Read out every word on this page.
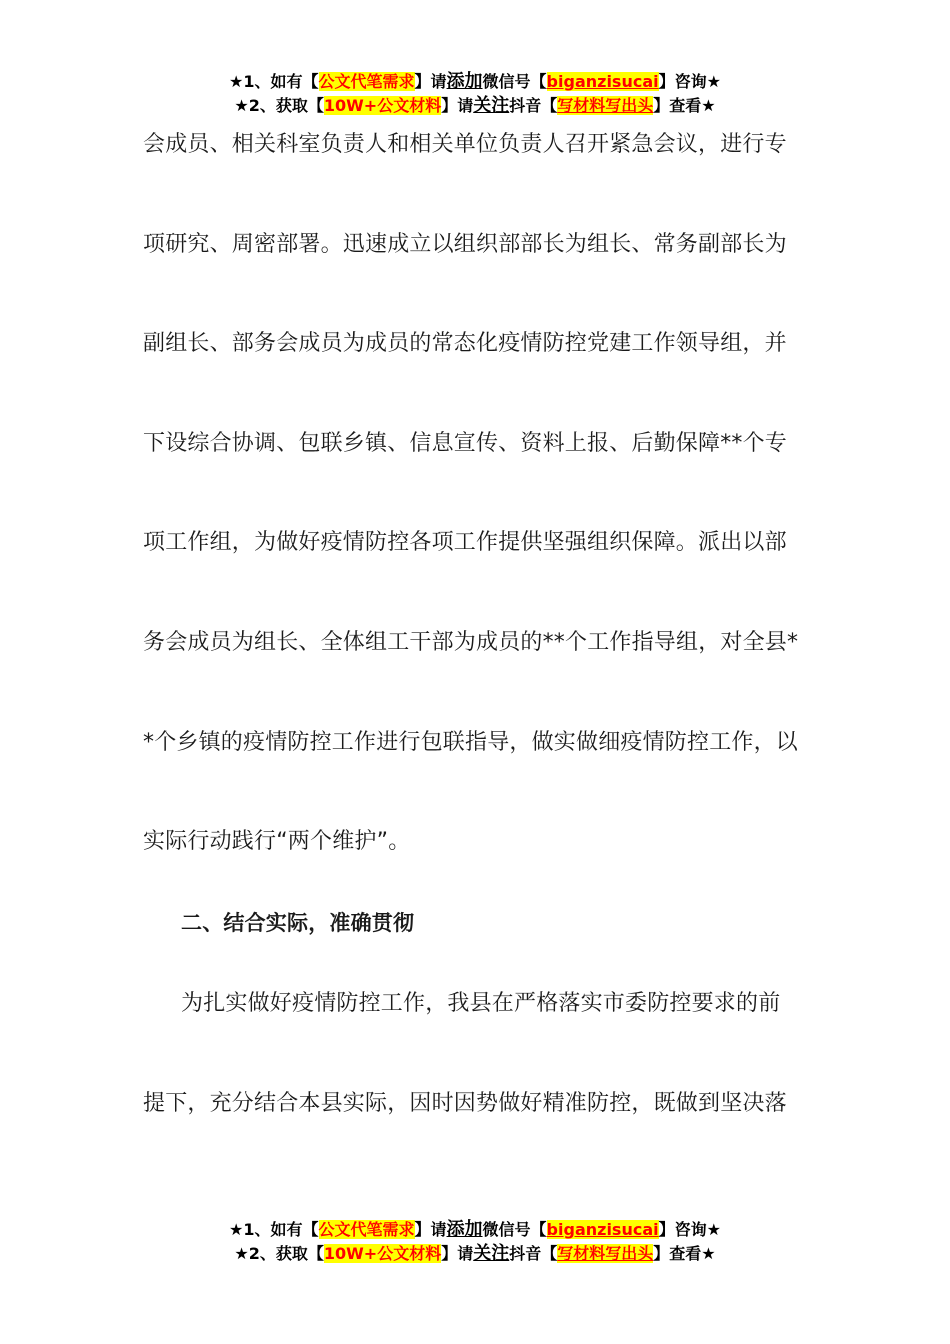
★1、如有【公文代笔需求】请添加微信号【biganzisucai】咨询★
★2、获取【10W+公文材料】请关注抖音【写材料写出头】查看★
会成员、相关科室负责人和相关单位负责人召开紧急会议，进行专
项研究、周密部署。迅速成立以组织部部长为组长、常务副部长为
副组长、部务会成员为成员的常态化疫情防控党建工作领导组，并
下设综合协调、包联乡镇、信息宣传、资料上报、后勤保障**个专
项工作组，为做好疫情防控各项工作提供坚强组织保障。派出以部
务会成员为组长、全体组工干部为成员的**个工作指导组，对全县*
*个乡镇的疫情防控工作进行包联指导，做实做细疫情防控工作，以
实际行动践行“两个维护”。
二、结合实际，准确贯彻
为扎实做好疫情防控工作，我县在严格落实市委防控要求的前
提下，充分结合本县实际，因时因势做好精准防控，既做到坚决落
★1、如有【公文代笔需求】请添加微信号【biganzisucai】咨询★
★2、获取【10W+公文材料】请关注抖音【写材料写出头】查看★
